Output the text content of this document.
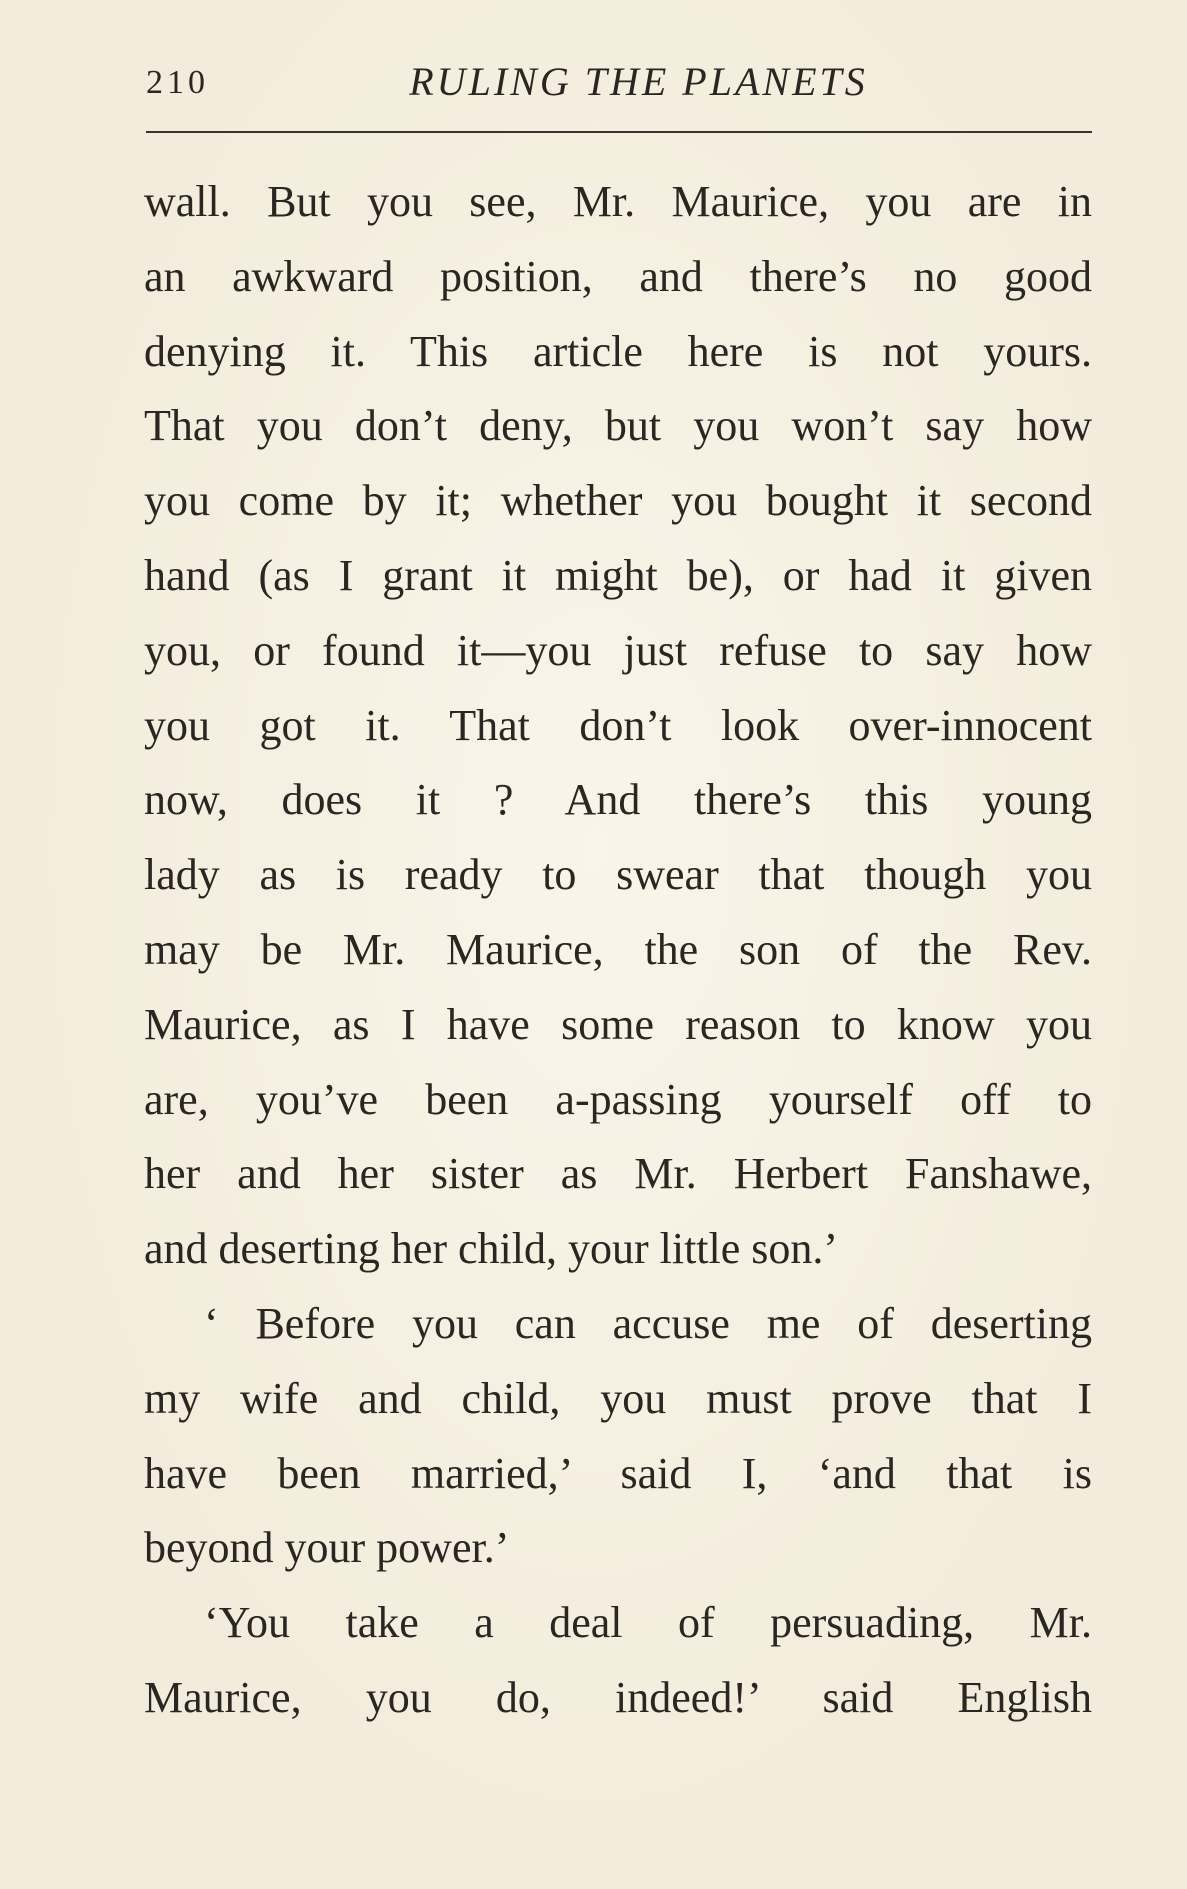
210	RULING THE PLANETS
wall. But you see, Mr. Maurice, you are in
an awkward position, and there’s no good
denying it. This article here is not yours.
That you don’t deny, but you won’t say how
you come by it; whether you bought it second
hand (as I grant it might be), or had it given
you, or found it—you just refuse to say how
you got it. That don’t look over-innocent
now, does it ? And there’s this young
lady as is ready to swear that though you
may be Mr. Maurice, the son of the Rev.
Maurice, as I have some reason to know you
are, you’ve been a-passing yourself off to
her and her sister as Mr. Herbert Fanshawe,
and deserting her child, your little son.’
‘ Before you can accuse me of deserting
my wife and child, you must prove that I
have been married,’ said I, ‘and that is
beyond your power.’
‘You take a deal of persuading, Mr.
Maurice, you do, indeed!’ said English
